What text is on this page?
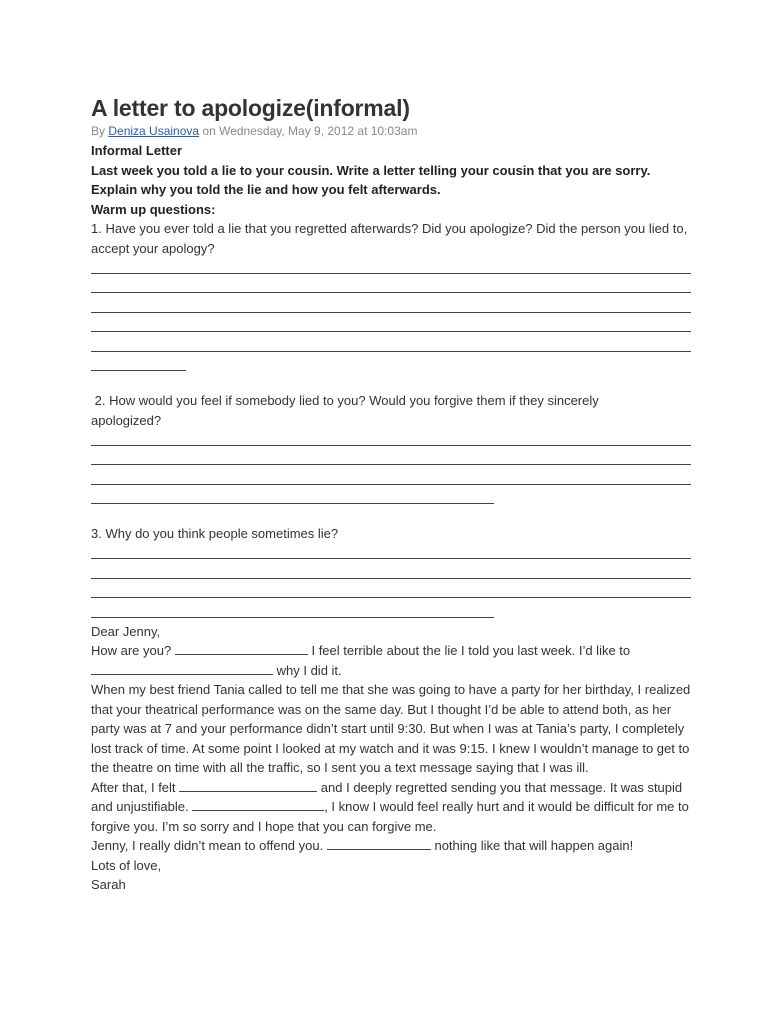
A letter to apologize(informal)
By Deniza Usainova on Wednesday, May 9, 2012 at 10:03am

Informal Letter

Last week you told a lie to your cousin. Write a letter telling your cousin that you are sorry.

Explain why you told the lie and how you felt afterwards.

Warm up questions:

1. Have you ever told a lie that you regretted afterwards? Did you apologize? Did the person you lied to, accept your apology?

2. How would you feel if somebody lied to you? Would you forgive them if they sincerely apologized?

3. Why do you think people sometimes lie?

Dear Jenny,

How are you?	I feel terrible about the lie I told you last week. I’d like to

why I did it.

When my best friend Tania called to tell me that she was going to have a party for her birthday, I realized that your theatrical performance was on the same day. But I thought I’d be able to attend both, as her party was at 7 and your performance didn’t start until 9:30. But when I was at Tania’s party, I completely lost track of time. At some point I looked at my watch and it was 9:15. I knew I wouldn’t manage to get to the theatre on time with all the traffic, so I sent you a text message saying that I was ill.

After that, I felt	and I deeply regretted sending you that message. It was stupid and unjustifiable.	, I know I would feel really hurt and it would be difficult for me to forgive you. I’m so sorry and I hope that you can forgive me.

Jenny, I really didn’t mean to offend you.	nothing like that will happen again!

Lots of love,

Sarah
